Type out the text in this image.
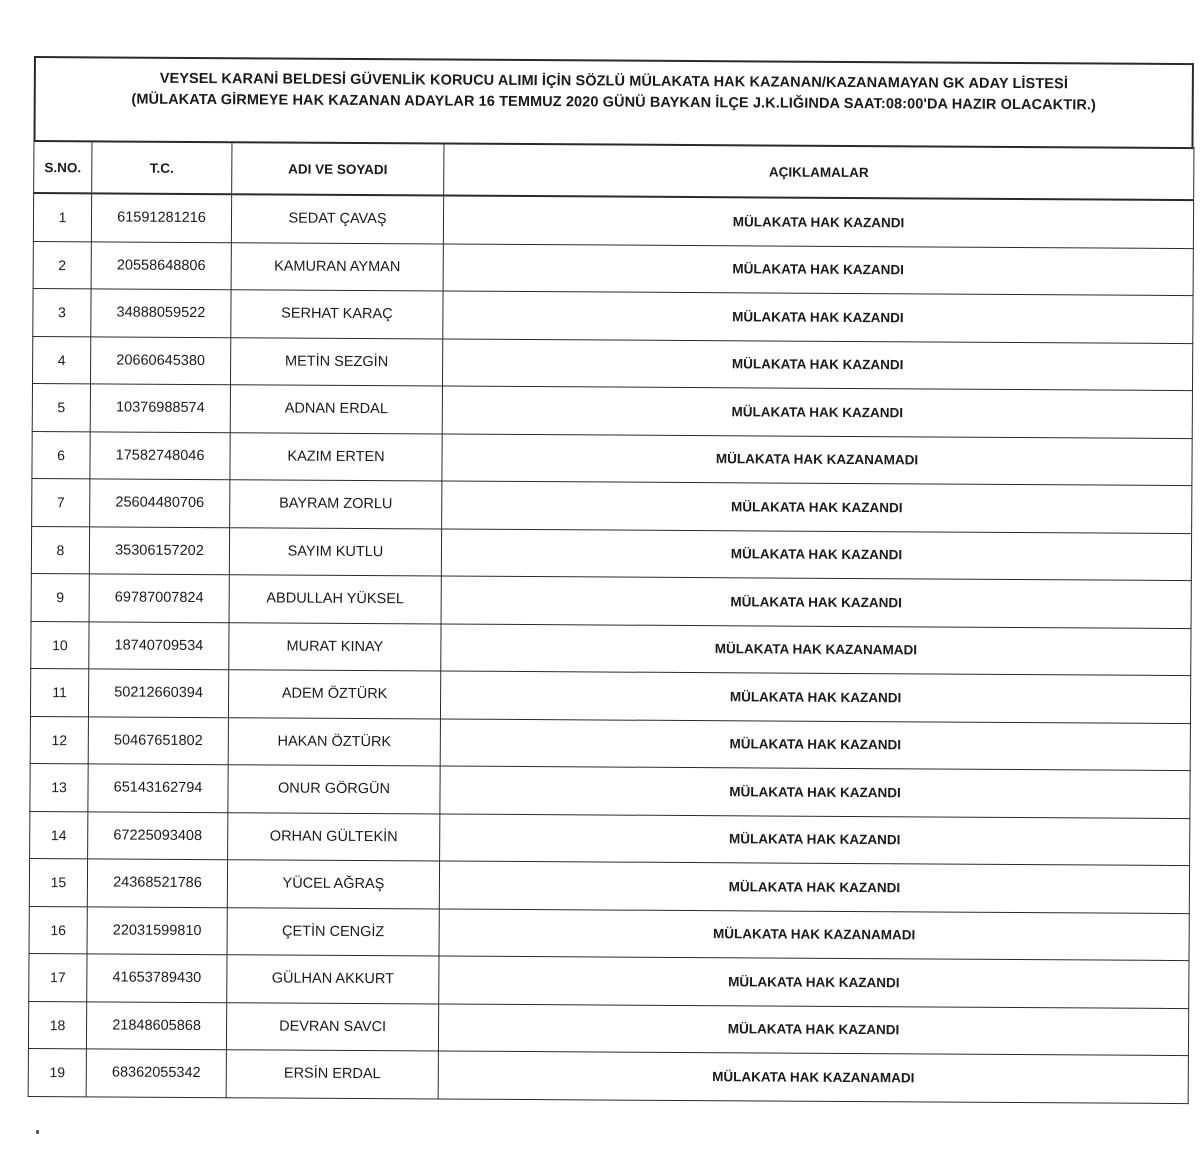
VEYSEL KARANİ BELDESİ GÜVENLİK KORUCU ALIMI İÇİN SÖZLÜ MÜLAKATA HAK KAZANAN/KAZANAMAYAN GK ADAY LİSTESİ
(MÜLAKATA GİRMEYE HAK KAZANAN ADAYLAR 16 TEMMUZ 2020 GÜNÜ BAYKAN İLÇE J.K.LIĞINDA SAAT:08:00'DA HAZIR OLACAKTIR.)
S.NO.	T.C.	ADI VE SOYADI	AÇIKLAMALAR
1	61591281216	SEDAT ÇAVAŞ	MÜLAKATA HAK KAZANDI
2	20558648806	KAMURAN AYMAN	MÜLAKATA HAK KAZANDI
3	34888059522	SERHAT KARAÇ	MÜLAKATA HAK KAZANDI
4	20660645380	METİN SEZGİN	MÜLAKATA HAK KAZANDI
5	10376988574	ADNAN ERDAL	MÜLAKATA HAK KAZANDI
6	17582748046	KAZIM ERTEN	MÜLAKATA HAK KAZANAMADI
7	25604480706	BAYRAM ZORLU	MÜLAKATA HAK KAZANDI
8	35306157202	SAYIM KUTLU	MÜLAKATA HAK KAZANDI
9	69787007824	ABDULLAH YÜKSEL	MÜLAKATA HAK KAZANDI
10	18740709534	MURAT KINAY	MÜLAKATA HAK KAZANAMADI
11	50212660394	ADEM ÖZTÜRK	MÜLAKATA HAK KAZANDI
12	50467651802	HAKAN ÖZTÜRK	MÜLAKATA HAK KAZANDI
13	65143162794	ONUR GÖRGÜN	MÜLAKATA HAK KAZANDI
14	67225093408	ORHAN GÜLTEKİN	MÜLAKATA HAK KAZANDI
15	24368521786	YÜCEL AĞRAŞ	MÜLAKATA HAK KAZANDI
16	22031599810	ÇETİN CENGİZ	MÜLAKATA HAK KAZANAMADI
17	41653789430	GÜLHAN AKKURT	MÜLAKATA HAK KAZANDI
18	21848605868	DEVRAN SAVCI	MÜLAKATA HAK KAZANDI
19	68362055342	ERSİN ERDAL	MÜLAKATA HAK KAZANAMADI
